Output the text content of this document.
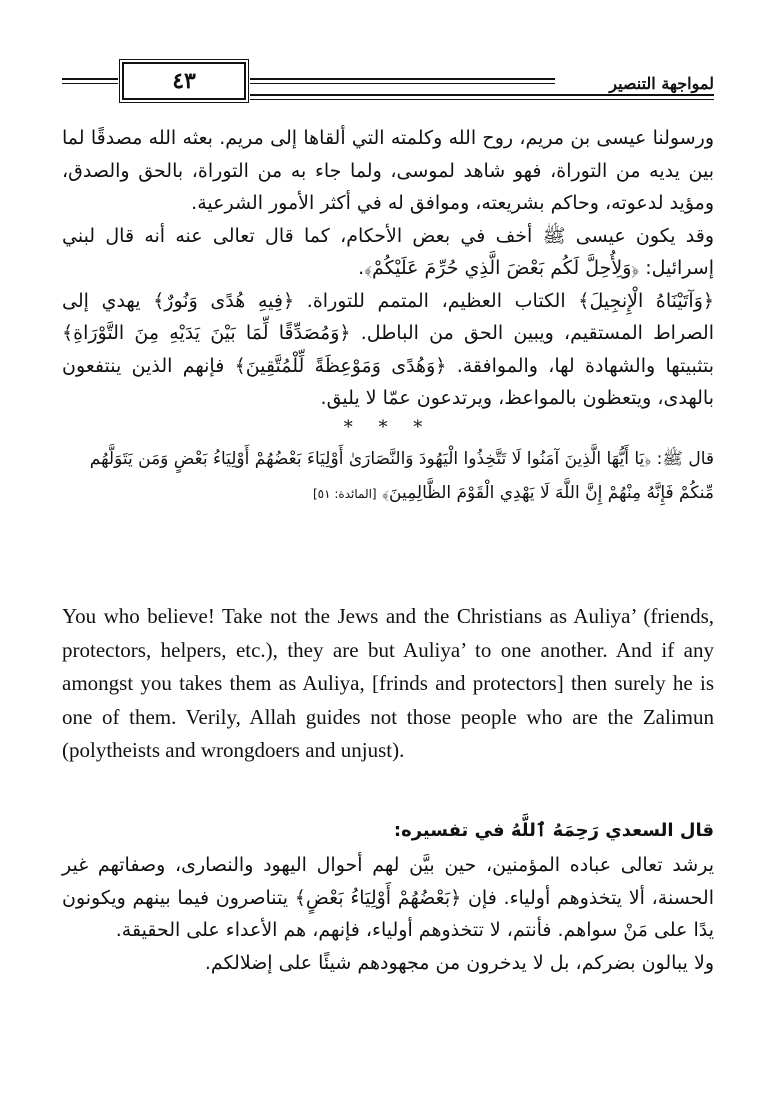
٤٣	لمواجهة التنصير

ورسولنا عيسى بن مريم، روح الله وكلمته التي ألقاها إلى مريم. بعثه الله مصدقًا لما بين يديه من التوراة، فهو شاهد لموسى، ولما جاء به من التوراة، بالحق والصدق، ومؤيد لدعوته، وحاكم بشريعته، وموافق له في أكثر الأمور الشرعية.

وقد يكون عيسى ﷺ أخف في بعض الأحكام، كما قال تعالى عنه أنه قال لبني إسرائيل: ﴿وَلِأُحِلَّ لَكُم بَعْضَ الَّذِي حُرِّمَ عَلَيْكُمْ﴾.

﴿وَآتَيْنَاهُ الْإِنجِيلَ﴾ الكتاب العظيم، المتمم للتوراة. ﴿فِيهِ هُدًى وَنُورٌ﴾ يهدي إلى الصراط المستقيم، ويبين الحق من الباطل. ﴿وَمُصَدِّقًا لِّمَا بَيْنَ يَدَيْهِ مِنَ التَّوْرَاةِ﴾ بتثبيتها والشهادة لها، والموافقة. ﴿وَهُدًى وَمَوْعِظَةً لِّلْمُتَّقِينَ﴾ فإنهم الذين ينتفعون بالهدى، ويتعظون بالمواعظ، ويرتدعون عمّا لا يليق.

* * *

قال ﷺ: ﴿يَا أَيُّهَا الَّذِينَ آمَنُوا لَا تَتَّخِذُوا الْيَهُودَ وَالنَّصَارَىٰ أَوْلِيَاءَ بَعْضُهُمْ أَوْلِيَاءُ بَعْضٍ وَمَن يَتَوَلَّهُم مِّنكُمْ فَإِنَّهُ مِنْهُمْ إِنَّ اللَّهَ لَا يَهْدِي الْقَوْمَ الظَّالِمِينَ﴾ [المائدة: ٥١]

You who believe! Take not the Jews and the Christians as Auliya’ (friends, protectors, helpers, etc.), they are but Auliya’ to one another. And if any amongst you takes them as Auliya, [frinds and protectors] then surely he is one of them. Verily, Allah guides not those people who are the Zalimun (polytheists and wrongdoers and unjust).

قال السعدي رَحِمَهُ ٱللَّهُ في تفسيره:

يرشد تعالى عباده المؤمنين، حين بيَّن لهم أحوال اليهود والنصارى، وصفاتهم غير الحسنة، ألا يتخذوهم أولياء. فإن ﴿بَعْضُهُمْ أَوْلِيَاءُ بَعْضٍ﴾ يتناصرون فيما بينهم ويكونون يدًا على مَنْ سواهم. فأنتم، لا تتخذوهم أولياء، فإنهم، هم الأعداء على الحقيقة.

ولا يبالون بضركم، بل لا يدخرون من مجهودهم شيئًا على إضلالكم.
